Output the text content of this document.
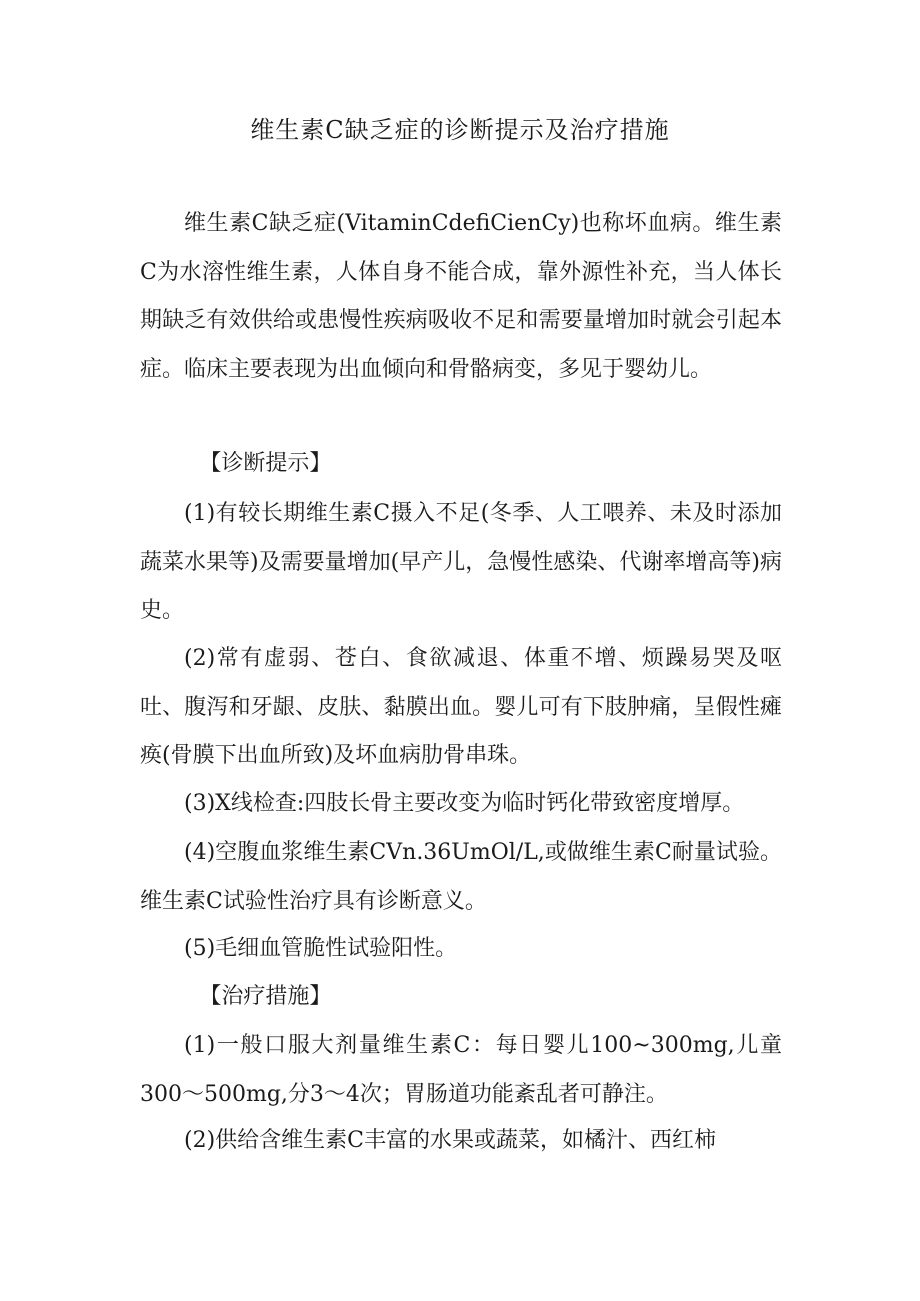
维生素C缺乏症的诊断提示及治疗措施

维生素C缺乏症(VitaminCdefiCienCy)也称坏血病。维生素C为水溶性维生素，人体自身不能合成，靠外源性补充，当人体长期缺乏有效供给或患慢性疾病吸收不足和需要量增加时就会引起本症。临床主要表现为出血倾向和骨骼病变，多见于婴幼儿。

【诊断提示】

(1)有较长期维生素C摄入不足(冬季、人工喂养、未及时添加蔬菜水果等)及需要量增加(早产儿，急慢性感染、代谢率增高等)病史。

(2)常有虚弱、苍白、食欲减退、体重不增、烦躁易哭及呕吐、腹泻和牙龈、皮肤、黏膜出血。婴儿可有下肢肿痛，呈假性瘫痪(骨膜下出血所致)及坏血病肋骨串珠。

(3)X线检查:四肢长骨主要改变为临时钙化带致密度增厚。

(4)空腹血浆维生素CVn.36UmOl/L,或做维生素C耐量试验。维生素C试验性治疗具有诊断意义。

(5)毛细血管脆性试验阳性。

【治疗措施】

(1)一般口服大剂量维生素C：每日婴儿100~300mg,儿童300～500mg,分3～4次；胃肠道功能紊乱者可静注。

(2)供给含维生素C丰富的水果或蔬菜，如橘汁、西红柿
